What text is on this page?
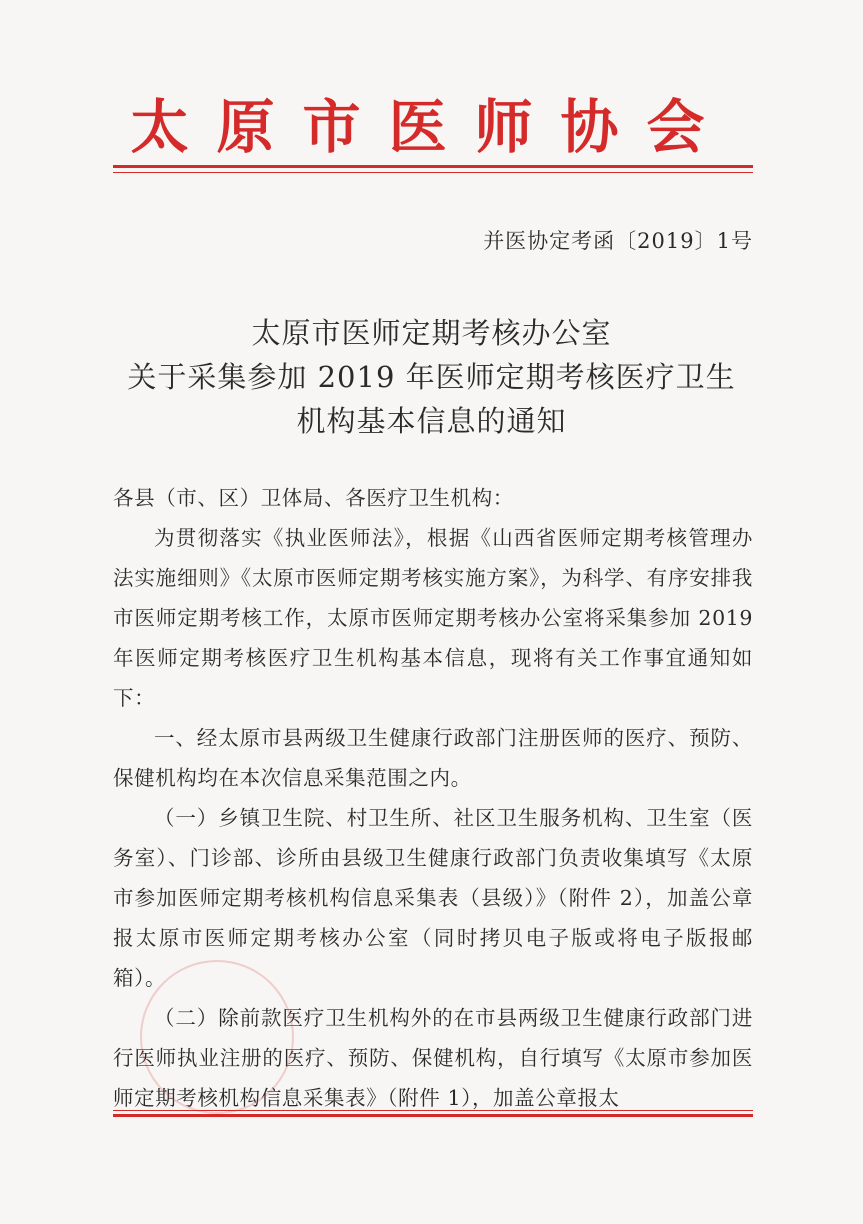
太原市医师协会
并医协定考函〔2019〕1号
太原市医师定期考核办公室
关于采集参加 2019 年医师定期考核医疗卫生
机构基本信息的通知

各县（市、区）卫体局、各医疗卫生机构：

为贯彻落实《执业医师法》，根据《山西省医师定期考核管理办法实施细则》《太原市医师定期考核实施方案》，为科学、有序安排我市医师定期考核工作，太原市医师定期考核办公室将采集参加 2019 年医师定期考核医疗卫生机构基本信息，现将有关工作事宜通知如下：

一、经太原市县两级卫生健康行政部门注册医师的医疗、预防、保健机构均在本次信息采集范围之内。

（一）乡镇卫生院、村卫生所、社区卫生服务机构、卫生室（医务室）、门诊部、诊所由县级卫生健康行政部门负责收集填写《太原市参加医师定期考核机构信息采集表（县级）》（附件 2），加盖公章报太原市医师定期考核办公室（同时拷贝电子版或将电子版报邮箱）。

（二）除前款医疗卫生机构外的在市县两级卫生健康行政部门进行医师执业注册的医疗、预防、保健机构，自行填写《太原市参加医师定期考核机构信息采集表》（附件 1），加盖公章报太
